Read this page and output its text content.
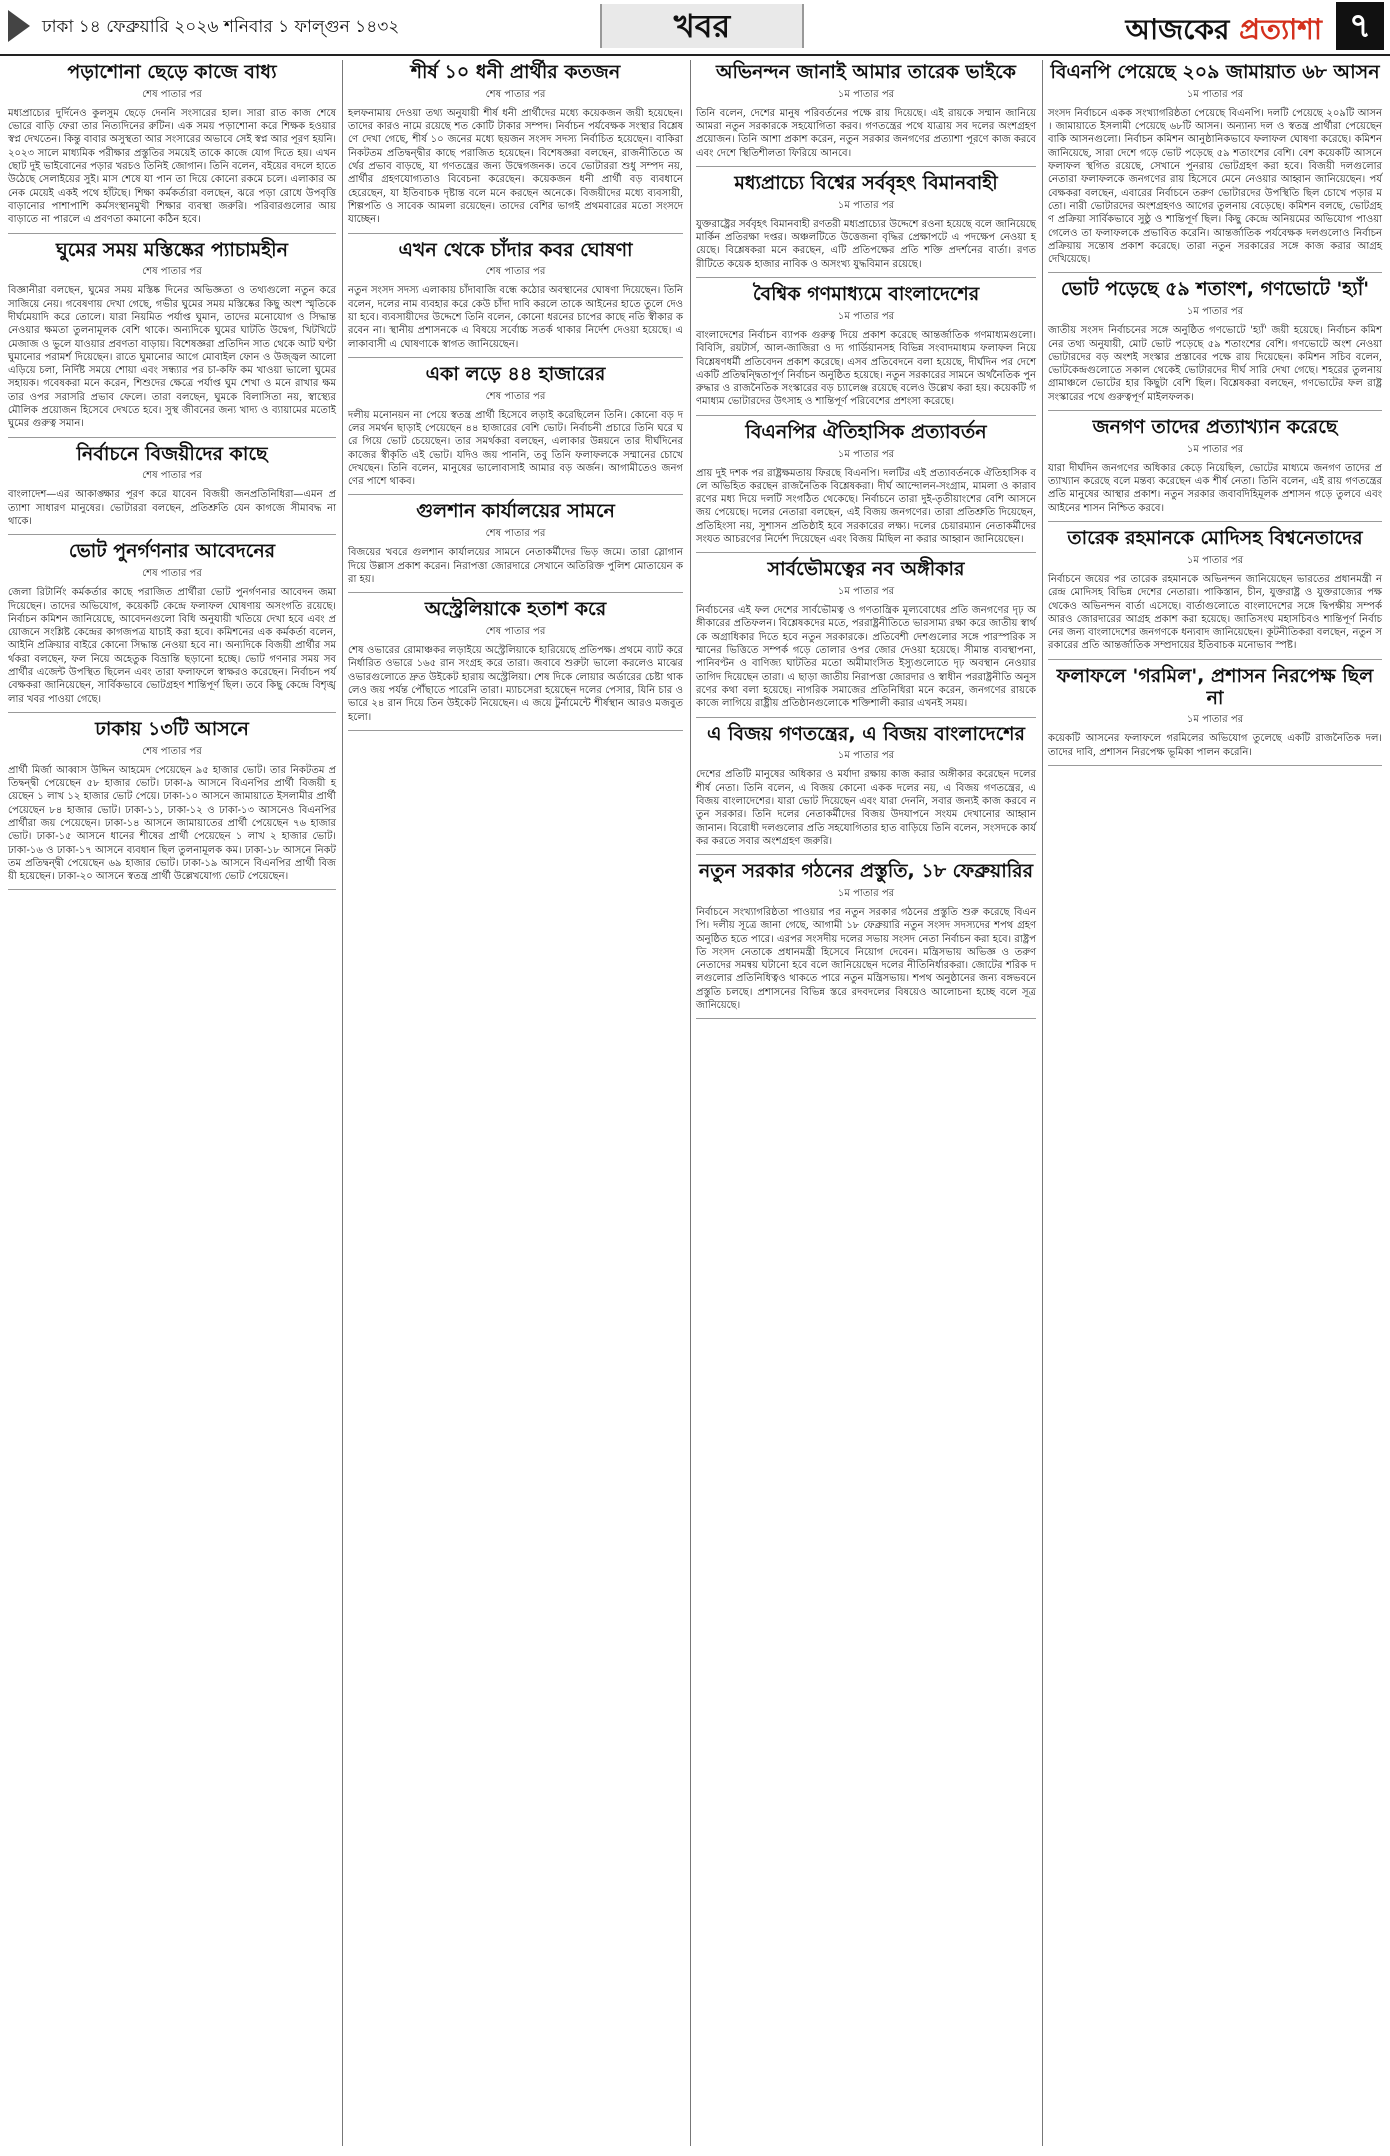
ঢাকা ১৪ ফেব্রুয়ারি ২০২৬ শনিবার ১ ফাল্গুন ১৪৩২	খবর	আজকের প্রত্যাশা ৭
পড়াশোনা ছেড়ে কাজে বাধ্য
শেষ পাতার পর
মধ্যপ্রাচ্যের দুর্দিনেও কুলসুম ছেড়ে দেননি সংসারের হাল। সারা রাত কাজ শেষে ভোরে বাড়ি ফেরা তার নিত্যদিনের রুটিন। এক সময় পড়াশোনা করে শিক্ষক হওয়ার স্বপ্ন দেখতেন। কিন্তু বাবার অসুস্থতা আর সংসারের অভাবে সেই স্বপ্ন আর পূরণ হয়নি। ২০২৩ সালে মাধ্যমিক পরীক্ষার প্রস্তুতির সময়েই তাকে কাজে যোগ দিতে হয়। এখন ছোট দুই ভাইবোনের পড়ার খরচও তিনিই জোগান। তিনি বলেন, বইয়ের বদলে হাতে উঠেছে সেলাইয়ের সুই। মাস শেষে যা পান তা দিয়ে কোনো রকমে চলে। এলাকার অনেক মেয়েই একই পথে হাঁটছে। শিক্ষা কর্মকর্তারা বলছেন, ঝরে পড়া রোধে উপবৃত্তি বাড়ানোর পাশাপাশি কর্মসংস্থানমুখী শিক্ষার ব্যবস্থা জরুরি। পরিবারগুলোর আয় বাড়াতে না পারলে এ প্রবণতা কমানো কঠিন হবে।
ঘুমের সময় মস্তিষ্কের প্যাচামহীন
শেষ পাতার পর
বিজ্ঞানীরা বলছেন, ঘুমের সময় মস্তিষ্ক দিনের অভিজ্ঞতা ও তথ্যগুলো নতুন করে সাজিয়ে নেয়। গবেষণায় দেখা গেছে, গভীর ঘুমের সময় মস্তিষ্কের কিছু অংশ স্মৃতিকে দীর্ঘমেয়াদি করে তোলে। যারা নিয়মিত পর্যাপ্ত ঘুমান, তাদের মনোযোগ ও সিদ্ধান্ত নেওয়ার ক্ষমতা তুলনামূলক বেশি থাকে। অন্যদিকে ঘুমের ঘাটতি উদ্বেগ, খিটখিটে মেজাজ ও ভুলে যাওয়ার প্রবণতা বাড়ায়। বিশেষজ্ঞরা প্রতিদিন সাত থেকে আট ঘণ্টা ঘুমানোর পরামর্শ দিয়েছেন। রাতে ঘুমানোর আগে মোবাইল ফোন ও উজ্জ্বল আলো এড়িয়ে চলা, নির্দিষ্ট সময়ে শোয়া এবং সন্ধ্যার পর চা-কফি কম খাওয়া ভালো ঘুমের সহায়ক। গবেষকরা মনে করেন, শিশুদের ক্ষেত্রে পর্যাপ্ত ঘুম শেখা ও মনে রাখার ক্ষমতার ওপর সরাসরি প্রভাব ফেলে। তারা বলছেন, ঘুমকে বিলাসিতা নয়, স্বাস্থ্যের মৌলিক প্রয়োজন হিসেবে দেখতে হবে। সুস্থ জীবনের জন্য খাদ্য ও ব্যায়ামের মতোই ঘুমের গুরুত্ব সমান।
নির্বাচনে বিজয়ীদের কাছে
শেষ পাতার পর
বাংলাদেশ—এর আকাঙ্ক্ষার পূরণ করে যাবেন বিজয়ী জনপ্রতিনিধিরা—এমন প্রত্যাশা সাধারণ মানুষের। ভোটাররা বলছেন, প্রতিশ্রুতি যেন কাগজে সীমাবদ্ধ না থাকে।
ভোট পুনর্গণনার আবেদনের
শেষ পাতার পর
জেলা রিটার্নিং কর্মকর্তার কাছে পরাজিত প্রার্থীরা ভোট পুনর্গণনার আবেদন জমা দিয়েছেন। তাদের অভিযোগ, কয়েকটি কেন্দ্রে ফলাফল ঘোষণায় অসংগতি রয়েছে। নির্বাচন কমিশন জানিয়েছে, আবেদনগুলো বিধি অনুযায়ী খতিয়ে দেখা হবে এবং প্রয়োজনে সংশ্লিষ্ট কেন্দ্রের কাগজপত্র যাচাই করা হবে। কমিশনের এক কর্মকর্তা বলেন, আইনি প্রক্রিয়ার বাইরে কোনো সিদ্ধান্ত নেওয়া হবে না। অন্যদিকে বিজয়ী প্রার্থীর সমর্থকরা বলছেন, ফল নিয়ে অহেতুক বিভ্রান্তি ছড়ানো হচ্ছে। ভোট গণনার সময় সব প্রার্থীর এজেন্ট উপস্থিত ছিলেন এবং তারা ফলাফলে স্বাক্ষরও করেছেন। নির্বাচন পর্যবেক্ষকরা জানিয়েছেন, সার্বিকভাবে ভোটগ্রহণ শান্তিপূর্ণ ছিল। তবে কিছু কেন্দ্রে বিশৃঙ্খলার খবর পাওয়া গেছে।
ঢাকায় ১৩টি আসনে
শেষ পাতার পর
প্রার্থী মির্জা আব্বাস উদ্দিন আহমেদ পেয়েছেন ৯৫ হাজার ভোট। তার নিকটতম প্রতিদ্বন্দ্বী পেয়েছেন ৫৮ হাজার ভোট। ঢাকা-৯ আসনে বিএনপির প্রার্থী বিজয়ী হয়েছেন ১ লাখ ১২ হাজার ভোট পেয়ে। ঢাকা-১০ আসনে জামায়াতে ইসলামীর প্রার্থী পেয়েছেন ৮৪ হাজার ভোট। ঢাকা-১১, ঢাকা-১২ ও ঢাকা-১৩ আসনেও বিএনপির প্রার্থীরা জয় পেয়েছেন। ঢাকা-১৪ আসনে জামায়াতের প্রার্থী পেয়েছেন ৭৬ হাজার ভোট। ঢাকা-১৫ আসনে ধানের শীষের প্রার্থী পেয়েছেন ১ লাখ ২ হাজার ভোট। ঢাকা-১৬ ও ঢাকা-১৭ আসনে ব্যবধান ছিল তুলনামূলক কম। ঢাকা-১৮ আসনে নিকটতম প্রতিদ্বন্দ্বী পেয়েছেন ৬৯ হাজার ভোট। ঢাকা-১৯ আসনে বিএনপির প্রার্থী বিজয়ী হয়েছেন। ঢাকা-২০ আসনে স্বতন্ত্র প্রার্থী উল্লেখযোগ্য ভোট পেয়েছেন।
শীর্ষ ১০ ধনী প্রার্থীর কতজন
শেষ পাতার পর
হলফনামায় দেওয়া তথ্য অনুযায়ী শীর্ষ ধনী প্রার্থীদের মধ্যে কয়েকজন জয়ী হয়েছেন। তাদের কারও নামে রয়েছে শত কোটি টাকার সম্পদ। নির্বাচন পর্যবেক্ষক সংস্থার বিশ্লেষণে দেখা গেছে, শীর্ষ ১০ জনের মধ্যে ছয়জন সংসদ সদস্য নির্বাচিত হয়েছেন। বাকিরা নিকটতম প্রতিদ্বন্দ্বীর কাছে পরাজিত হয়েছেন। বিশেষজ্ঞরা বলছেন, রাজনীতিতে অর্থের প্রভাব বাড়ছে, যা গণতন্ত্রের জন্য উদ্বেগজনক। তবে ভোটাররা শুধু সম্পদ নয়, প্রার্থীর গ্রহণযোগ্যতাও বিবেচনা করেছেন। কয়েকজন ধনী প্রার্থী বড় ব্যবধানে হেরেছেন, যা ইতিবাচক দৃষ্টান্ত বলে মনে করছেন অনেকে। বিজয়ীদের মধ্যে ব্যবসায়ী, শিল্পপতি ও সাবেক আমলা রয়েছেন। তাদের বেশির ভাগই প্রথমবারের মতো সংসদে যাচ্ছেন।
এখন থেকে চাঁদার কবর ঘোষণা
শেষ পাতার পর
নতুন সংসদ সদস্য এলাকায় চাঁদাবাজি বন্ধে কঠোর অবস্থানের ঘোষণা দিয়েছেন। তিনি বলেন, দলের নাম ব্যবহার করে কেউ চাঁদা দাবি করলে তাকে আইনের হাতে তুলে দেওয়া হবে। ব্যবসায়ীদের উদ্দেশে তিনি বলেন, কোনো ধরনের চাপের কাছে নতি স্বীকার করবেন না। স্থানীয় প্রশাসনকে এ বিষয়ে সর্বোচ্চ সতর্ক থাকার নির্দেশ দেওয়া হয়েছে। এলাকাবাসী এ ঘোষণাকে স্বাগত জানিয়েছেন।
একা লড়ে ৪৪ হাজারের
শেষ পাতার পর
দলীয় মনোনয়ন না পেয়ে স্বতন্ত্র প্রার্থী হিসেবে লড়াই করেছিলেন তিনি। কোনো বড় দলের সমর্থন ছাড়াই পেয়েছেন ৪৪ হাজারের বেশি ভোট। নির্বাচনী প্রচারে তিনি ঘরে ঘরে গিয়ে ভোট চেয়েছেন। তার সমর্থকরা বলছেন, এলাকার উন্নয়নে তার দীর্ঘদিনের কাজের স্বীকৃতি এই ভোট। যদিও জয় পাননি, তবু তিনি ফলাফলকে সম্মানের চোখে দেখছেন। তিনি বলেন, মানুষের ভালোবাসাই আমার বড় অর্জন। আগামীতেও জনগণের পাশে থাকব।
গুলশান কার্যালয়ের সামনে
শেষ পাতার পর
বিজয়ের খবরে গুলশান কার্যালয়ের সামনে নেতাকর্মীদের ভিড় জমে। তারা স্লোগান দিয়ে উল্লাস প্রকাশ করেন। নিরাপত্তা জোরদারে সেখানে অতিরিক্ত পুলিশ মোতায়েন করা হয়।
অস্ট্রেলিয়াকে হতাশ করে
শেষ পাতার পর
শেষ ওভারের রোমাঞ্চকর লড়াইয়ে অস্ট্রেলিয়াকে হারিয়েছে প্রতিপক্ষ। প্রথমে ব্যাট করে নির্ধারিত ওভারে ১৬৫ রান সংগ্রহ করে তারা। জবাবে শুরুটা ভালো করলেও মাঝের ওভারগুলোতে দ্রুত উইকেট হারায় অস্ট্রেলিয়া। শেষ দিকে লোয়ার অর্ডারের চেষ্টা থাকলেও জয় পর্যন্ত পৌঁছাতে পারেনি তারা। ম্যাচসেরা হয়েছেন দলের পেসার, যিনি চার ওভারে ২৪ রান দিয়ে তিন উইকেট নিয়েছেন। এ জয়ে টুর্নামেন্টে শীর্ষস্থান আরও মজবুত হলো।
অভিনন্দন জানাই আমার তারেক ভাইকে
১ম পাতার পর
তিনি বলেন, দেশের মানুষ পরিবর্তনের পক্ষে রায় দিয়েছে। এই রায়কে সম্মান জানিয়ে আমরা নতুন সরকারকে সহযোগিতা করব। গণতন্ত্রের পথে যাত্রায় সব দলের অংশগ্রহণ প্রয়োজন। তিনি আশা প্রকাশ করেন, নতুন সরকার জনগণের প্রত্যাশা পূরণে কাজ করবে এবং দেশে স্থিতিশীলতা ফিরিয়ে আনবে।
মধ্যপ্রাচ্যে বিশ্বের সর্ববৃহৎ বিমানবাহী
১ম পাতার পর
যুক্তরাষ্ট্রের সর্ববৃহৎ বিমানবাহী রণতরী মধ্যপ্রাচ্যের উদ্দেশে রওনা হয়েছে বলে জানিয়েছে মার্কিন প্রতিরক্ষা দপ্তর। অঞ্চলটিতে উত্তেজনা বৃদ্ধির প্রেক্ষাপটে এ পদক্ষেপ নেওয়া হয়েছে। বিশ্লেষকরা মনে করছেন, এটি প্রতিপক্ষের প্রতি শক্তি প্রদর্শনের বার্তা। রণতরীটিতে কয়েক হাজার নাবিক ও অসংখ্য যুদ্ধবিমান রয়েছে।
বৈশ্বিক গণমাধ্যমে বাংলাদেশের
১ম পাতার পর
বাংলাদেশের নির্বাচন ব্যাপক গুরুত্ব দিয়ে প্রকাশ করেছে আন্তর্জাতিক গণমাধ্যমগুলো। বিবিসি, রয়টার্স, আল-জাজিরা ও দ্য গার্ডিয়ানসহ বিভিন্ন সংবাদমাধ্যম ফলাফল নিয়ে বিশ্লেষণধর্মী প্রতিবেদন প্রকাশ করেছে। এসব প্রতিবেদনে বলা হয়েছে, দীর্ঘদিন পর দেশে একটি প্রতিদ্বন্দ্বিতাপূর্ণ নির্বাচন অনুষ্ঠিত হয়েছে। নতুন সরকারের সামনে অর্থনৈতিক পুনরুদ্ধার ও রাজনৈতিক সংস্কারের বড় চ্যালেঞ্জ রয়েছে বলেও উল্লেখ করা হয়। কয়েকটি গণমাধ্যম ভোটারদের উৎসাহ ও শান্তিপূর্ণ পরিবেশের প্রশংসা করেছে।
বিএনপির ঐতিহাসিক প্রত্যাবর্তন
১ম পাতার পর
প্রায় দুই দশক পর রাষ্ট্রক্ষমতায় ফিরছে বিএনপি। দলটির এই প্রত্যাবর্তনকে ঐতিহাসিক বলে অভিহিত করছেন রাজনৈতিক বিশ্লেষকরা। দীর্ঘ আন্দোলন-সংগ্রাম, মামলা ও কারাবরণের মধ্য দিয়ে দলটি সংগঠিত থেকেছে। নির্বাচনে তারা দুই-তৃতীয়াংশের বেশি আসনে জয় পেয়েছে। দলের নেতারা বলছেন, এই বিজয় জনগণের। তারা প্রতিশ্রুতি দিয়েছেন, প্রতিহিংসা নয়, সুশাসন প্রতিষ্ঠাই হবে সরকারের লক্ষ্য। দলের চেয়ারম্যান নেতাকর্মীদের সংযত আচরণের নির্দেশ দিয়েছেন এবং বিজয় মিছিল না করার আহ্বান জানিয়েছেন।
সার্বভৌমত্বের নব অঙ্গীকার
১ম পাতার পর
নির্বাচনের এই ফল দেশের সার্বভৌমত্ব ও গণতান্ত্রিক মূল্যবোধের প্রতি জনগণের দৃঢ় অঙ্গীকারের প্রতিফলন। বিশ্লেষকদের মতে, পররাষ্ট্রনীতিতে ভারসাম্য রক্ষা করে জাতীয় স্বার্থকে অগ্রাধিকার দিতে হবে নতুন সরকারকে। প্রতিবেশী দেশগুলোর সঙ্গে পারস্পরিক সম্মানের ভিত্তিতে সম্পর্ক গড়ে তোলার ওপর জোর দেওয়া হয়েছে। সীমান্ত ব্যবস্থাপনা, পানিবণ্টন ও বাণিজ্য ঘাটতির মতো অমীমাংসিত ইস্যুগুলোতে দৃঢ় অবস্থান নেওয়ার তাগিদ দিয়েছেন তারা। এ ছাড়া জাতীয় নিরাপত্তা জোরদার ও স্বাধীন পররাষ্ট্রনীতি অনুসরণের কথা বলা হয়েছে। নাগরিক সমাজের প্রতিনিধিরা মনে করেন, জনগণের রায়কে কাজে লাগিয়ে রাষ্ট্রীয় প্রতিষ্ঠানগুলোকে শক্তিশালী করার এখনই সময়।
এ বিজয় গণতন্ত্রের, এ বিজয় বাংলাদেশের
১ম পাতার পর
দেশের প্রতিটি মানুষের অধিকার ও মর্যাদা রক্ষায় কাজ করার অঙ্গীকার করেছেন দলের শীর্ষ নেতা। তিনি বলেন, এ বিজয় কোনো একক দলের নয়, এ বিজয় গণতন্ত্রের, এ বিজয় বাংলাদেশের। যারা ভোট দিয়েছেন এবং যারা দেননি, সবার জন্যই কাজ করবে নতুন সরকার। তিনি দলের নেতাকর্মীদের বিজয় উদযাপনে সংযম দেখানোর আহ্বান জানান। বিরোধী দলগুলোর প্রতি সহযোগিতার হাত বাড়িয়ে তিনি বলেন, সংসদকে কার্যকর করতে সবার অংশগ্রহণ জরুরি।
নতুন সরকার গঠনের প্রস্তুতি, ১৮ ফেব্রুয়ারির
১ম পাতার পর
নির্বাচনে সংখ্যাগরিষ্ঠতা পাওয়ার পর নতুন সরকার গঠনের প্রস্তুতি শুরু করেছে বিএনপি। দলীয় সূত্রে জানা গেছে, আগামী ১৮ ফেব্রুয়ারি নতুন সংসদ সদস্যদের শপথ গ্রহণ অনুষ্ঠিত হতে পারে। এরপর সংসদীয় দলের সভায় সংসদ নেতা নির্বাচন করা হবে। রাষ্ট্রপতি সংসদ নেতাকে প্রধানমন্ত্রী হিসেবে নিয়োগ দেবেন। মন্ত্রিসভায় অভিজ্ঞ ও তরুণ নেতাদের সমন্বয় ঘটানো হবে বলে জানিয়েছেন দলের নীতিনির্ধারকরা। জোটের শরিক দলগুলোর প্রতিনিধিত্বও থাকতে পারে নতুন মন্ত্রিসভায়। শপথ অনুষ্ঠানের জন্য বঙ্গভবনে প্রস্তুতি চলছে। প্রশাসনের বিভিন্ন স্তরে রদবদলের বিষয়েও আলোচনা হচ্ছে বলে সূত্র জানিয়েছে।
বিএনপি পেয়েছে ২০৯ জামায়াত ৬৮ আসন
১ম পাতার পর
সংসদ নির্বাচনে একক সংখ্যাগরিষ্ঠতা পেয়েছে বিএনপি। দলটি পেয়েছে ২০৯টি আসন। জামায়াতে ইসলামী পেয়েছে ৬৮টি আসন। অন্যান্য দল ও স্বতন্ত্র প্রার্থীরা পেয়েছেন বাকি আসনগুলো। নির্বাচন কমিশন আনুষ্ঠানিকভাবে ফলাফল ঘোষণা করেছে। কমিশন জানিয়েছে, সারা দেশে গড়ে ভোট পড়েছে ৫৯ শতাংশের বেশি। বেশ কয়েকটি আসনে ফলাফল স্থগিত রয়েছে, সেখানে পুনরায় ভোটগ্রহণ করা হবে। বিজয়ী দলগুলোর নেতারা ফলাফলকে জনগণের রায় হিসেবে মেনে নেওয়ার আহ্বান জানিয়েছেন। পর্যবেক্ষকরা বলছেন, এবারের নির্বাচনে তরুণ ভোটারদের উপস্থিতি ছিল চোখে পড়ার মতো। নারী ভোটারদের অংশগ্রহণও আগের তুলনায় বেড়েছে। কমিশন বলছে, ভোটগ্রহণ প্রক্রিয়া সার্বিকভাবে সুষ্ঠু ও শান্তিপূর্ণ ছিল। কিছু কেন্দ্রে অনিয়মের অভিযোগ পাওয়া গেলেও তা ফলাফলকে প্রভাবিত করেনি। আন্তর্জাতিক পর্যবেক্ষক দলগুলোও নির্বাচন প্রক্রিয়ায় সন্তোষ প্রকাশ করেছে। তারা নতুন সরকারের সঙ্গে কাজ করার আগ্রহ দেখিয়েছে।
ভোট পড়েছে ৫৯ শতাংশ, গণভোটে 'হ্যাঁ'
১ম পাতার পর
জাতীয় সংসদ নির্বাচনের সঙ্গে অনুষ্ঠিত গণভোটে 'হ্যাঁ' জয়ী হয়েছে। নির্বাচন কমিশনের তথ্য অনুযায়ী, মোট ভোট পড়েছে ৫৯ শতাংশের বেশি। গণভোটে অংশ নেওয়া ভোটারদের বড় অংশই সংস্কার প্রস্তাবের পক্ষে রায় দিয়েছেন। কমিশন সচিব বলেন, ভোটকেন্দ্রগুলোতে সকাল থেকেই ভোটারদের দীর্ঘ সারি দেখা গেছে। শহরের তুলনায় গ্রামাঞ্চলে ভোটের হার কিছুটা বেশি ছিল। বিশ্লেষকরা বলছেন, গণভোটের ফল রাষ্ট্র সংস্কারের পথে গুরুত্বপূর্ণ মাইলফলক।
জনগণ তাদের প্রত্যাখ্যান করেছে
১ম পাতার পর
যারা দীর্ঘদিন জনগণের অধিকার কেড়ে নিয়েছিল, ভোটের মাধ্যমে জনগণ তাদের প্রত্যাখ্যান করেছে বলে মন্তব্য করেছেন এক শীর্ষ নেতা। তিনি বলেন, এই রায় গণতন্ত্রের প্রতি মানুষের আস্থার প্রকাশ। নতুন সরকার জবাবদিহিমূলক প্রশাসন গড়ে তুলবে এবং আইনের শাসন নিশ্চিত করবে।
তারেক রহমানকে মোদিসহ বিশ্বনেতাদের
১ম পাতার পর
নির্বাচনে জয়ের পর তারেক রহমানকে অভিনন্দন জানিয়েছেন ভারতের প্রধানমন্ত্রী নরেন্দ্র মোদিসহ বিভিন্ন দেশের নেতারা। পাকিস্তান, চীন, যুক্তরাষ্ট্র ও যুক্তরাজ্যের পক্ষ থেকেও অভিনন্দন বার্তা এসেছে। বার্তাগুলোতে বাংলাদেশের সঙ্গে দ্বিপক্ষীয় সম্পর্ক আরও জোরদারের আগ্রহ প্রকাশ করা হয়েছে। জাতিসংঘ মহাসচিবও শান্তিপূর্ণ নির্বাচনের জন্য বাংলাদেশের জনগণকে ধন্যবাদ জানিয়েছেন। কূটনীতিকরা বলছেন, নতুন সরকারের প্রতি আন্তর্জাতিক সম্প্রদায়ের ইতিবাচক মনোভাব স্পষ্ট।
ফলাফলে 'গরমিল', প্রশাসন নিরপেক্ষ ছিল না
১ম পাতার পর
কয়েকটি আসনের ফলাফলে গরমিলের অভিযোগ তুলেছে একটি রাজনৈতিক দল। তাদের দাবি, প্রশাসন নিরপেক্ষ ভূমিকা পালন করেনি।
